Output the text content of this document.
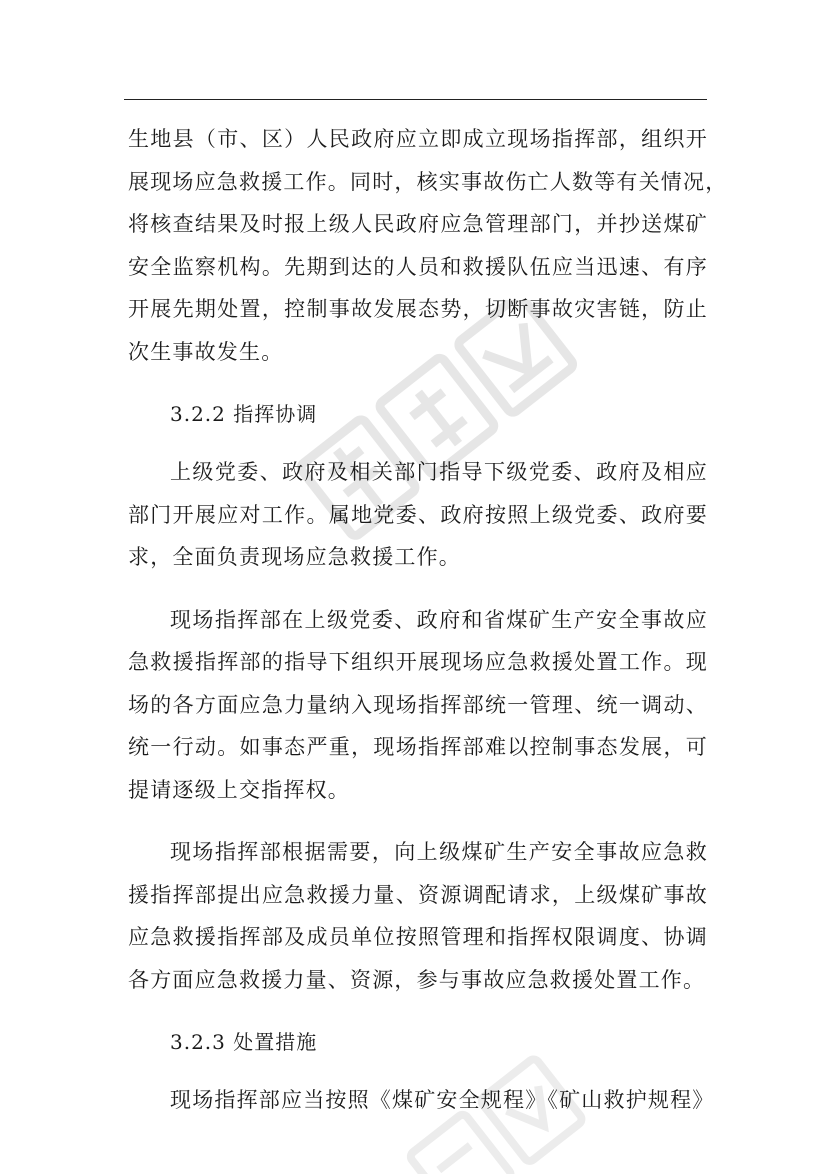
生地县（市、区）人民政府应立即成立现场指挥部，组织开
展现场应急救援工作。同时，核实事故伤亡人数等有关情况，
将核查结果及时报上级人民政府应急管理部门，并抄送煤矿
安全监察机构。先期到达的人员和救援队伍应当迅速、有序
开展先期处置，控制事故发展态势，切断事故灾害链，防止
次生事故发生。

3.2.2 指挥协调

上级党委、政府及相关部门指导下级党委、政府及相应
部门开展应对工作。属地党委、政府按照上级党委、政府要
求，全面负责现场应急救援工作。

现场指挥部在上级党委、政府和省煤矿生产安全事故应
急救援指挥部的指导下组织开展现场应急救援处置工作。现
场的各方面应急力量纳入现场指挥部统一管理、统一调动、
统一行动。如事态严重，现场指挥部难以控制事态发展，可
提请逐级上交指挥权。

现场指挥部根据需要，向上级煤矿生产安全事故应急救
援指挥部提出应急救援力量、资源调配请求，上级煤矿事故
应急救援指挥部及成员单位按照管理和指挥权限调度、协调
各方面应急救援力量、资源，参与事故应急救援处置工作。

3.2.3 处置措施

现场指挥部应当按照《煤矿安全规程》《矿山救护规程》
